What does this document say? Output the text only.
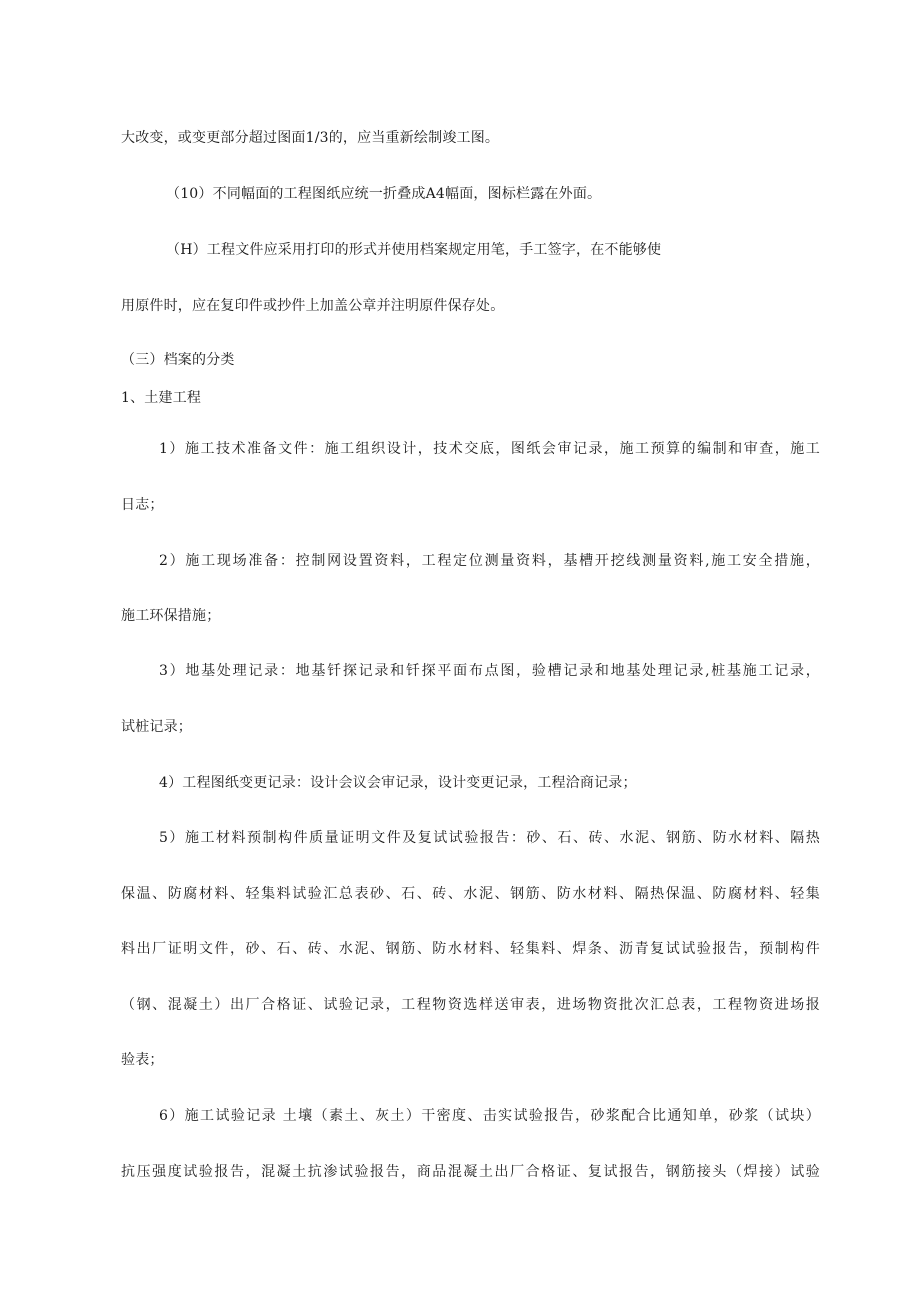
大改变，或变更部分超过图面1/3的，应当重新绘制竣工图。

（10）不同幅面的工程图纸应统一折叠成A4幅面，图标栏露在外面。

（H）工程文件应采用打印的形式并使用档案规定用笔，手工签字，在不能够使

用原件时，应在复印件或抄件上加盖公章并注明原件保存处。

（三）档案的分类

1、土建工程

1）施工技术准备文件：施工组织设计，技术交底，图纸会审记录，施工预算的编制和审查，施工

日志；

2）施工现场准备：控制网设置资料，工程定位测量资料，基槽开挖线测量资料,施工安全措施，

施工环保措施；

3）地基处理记录：地基钎探记录和钎探平面布点图，验槽记录和地基处理记录,桩基施工记录，

试桩记录；

4）工程图纸变更记录：设计会议会审记录，设计变更记录，工程洽商记录；

5）施工材料预制构件质量证明文件及复试试验报告：砂、石、砖、水泥、钢筋、防水材料、隔热

保温、防腐材料、轻集料试验汇总表砂、石、砖、水泥、钢筋、防水材料、隔热保温、防腐材料、轻集

料出厂证明文件，砂、石、砖、水泥、钢筋、防水材料、轻集料、焊条、沥青复试试验报告，预制构件

（钢、混凝土）出厂合格证、试验记录，工程物资选样送审表，进场物资批次汇总表，工程物资进场报

验表；

6）施工试验记录 土壤（素土、灰土）干密度、击实试验报告，砂浆配合比通知单，砂浆（试块）

抗压强度试验报告，混凝土抗渗试验报告，商品混凝土出厂合格证、复试报告，钢筋接头（焊接）试验
